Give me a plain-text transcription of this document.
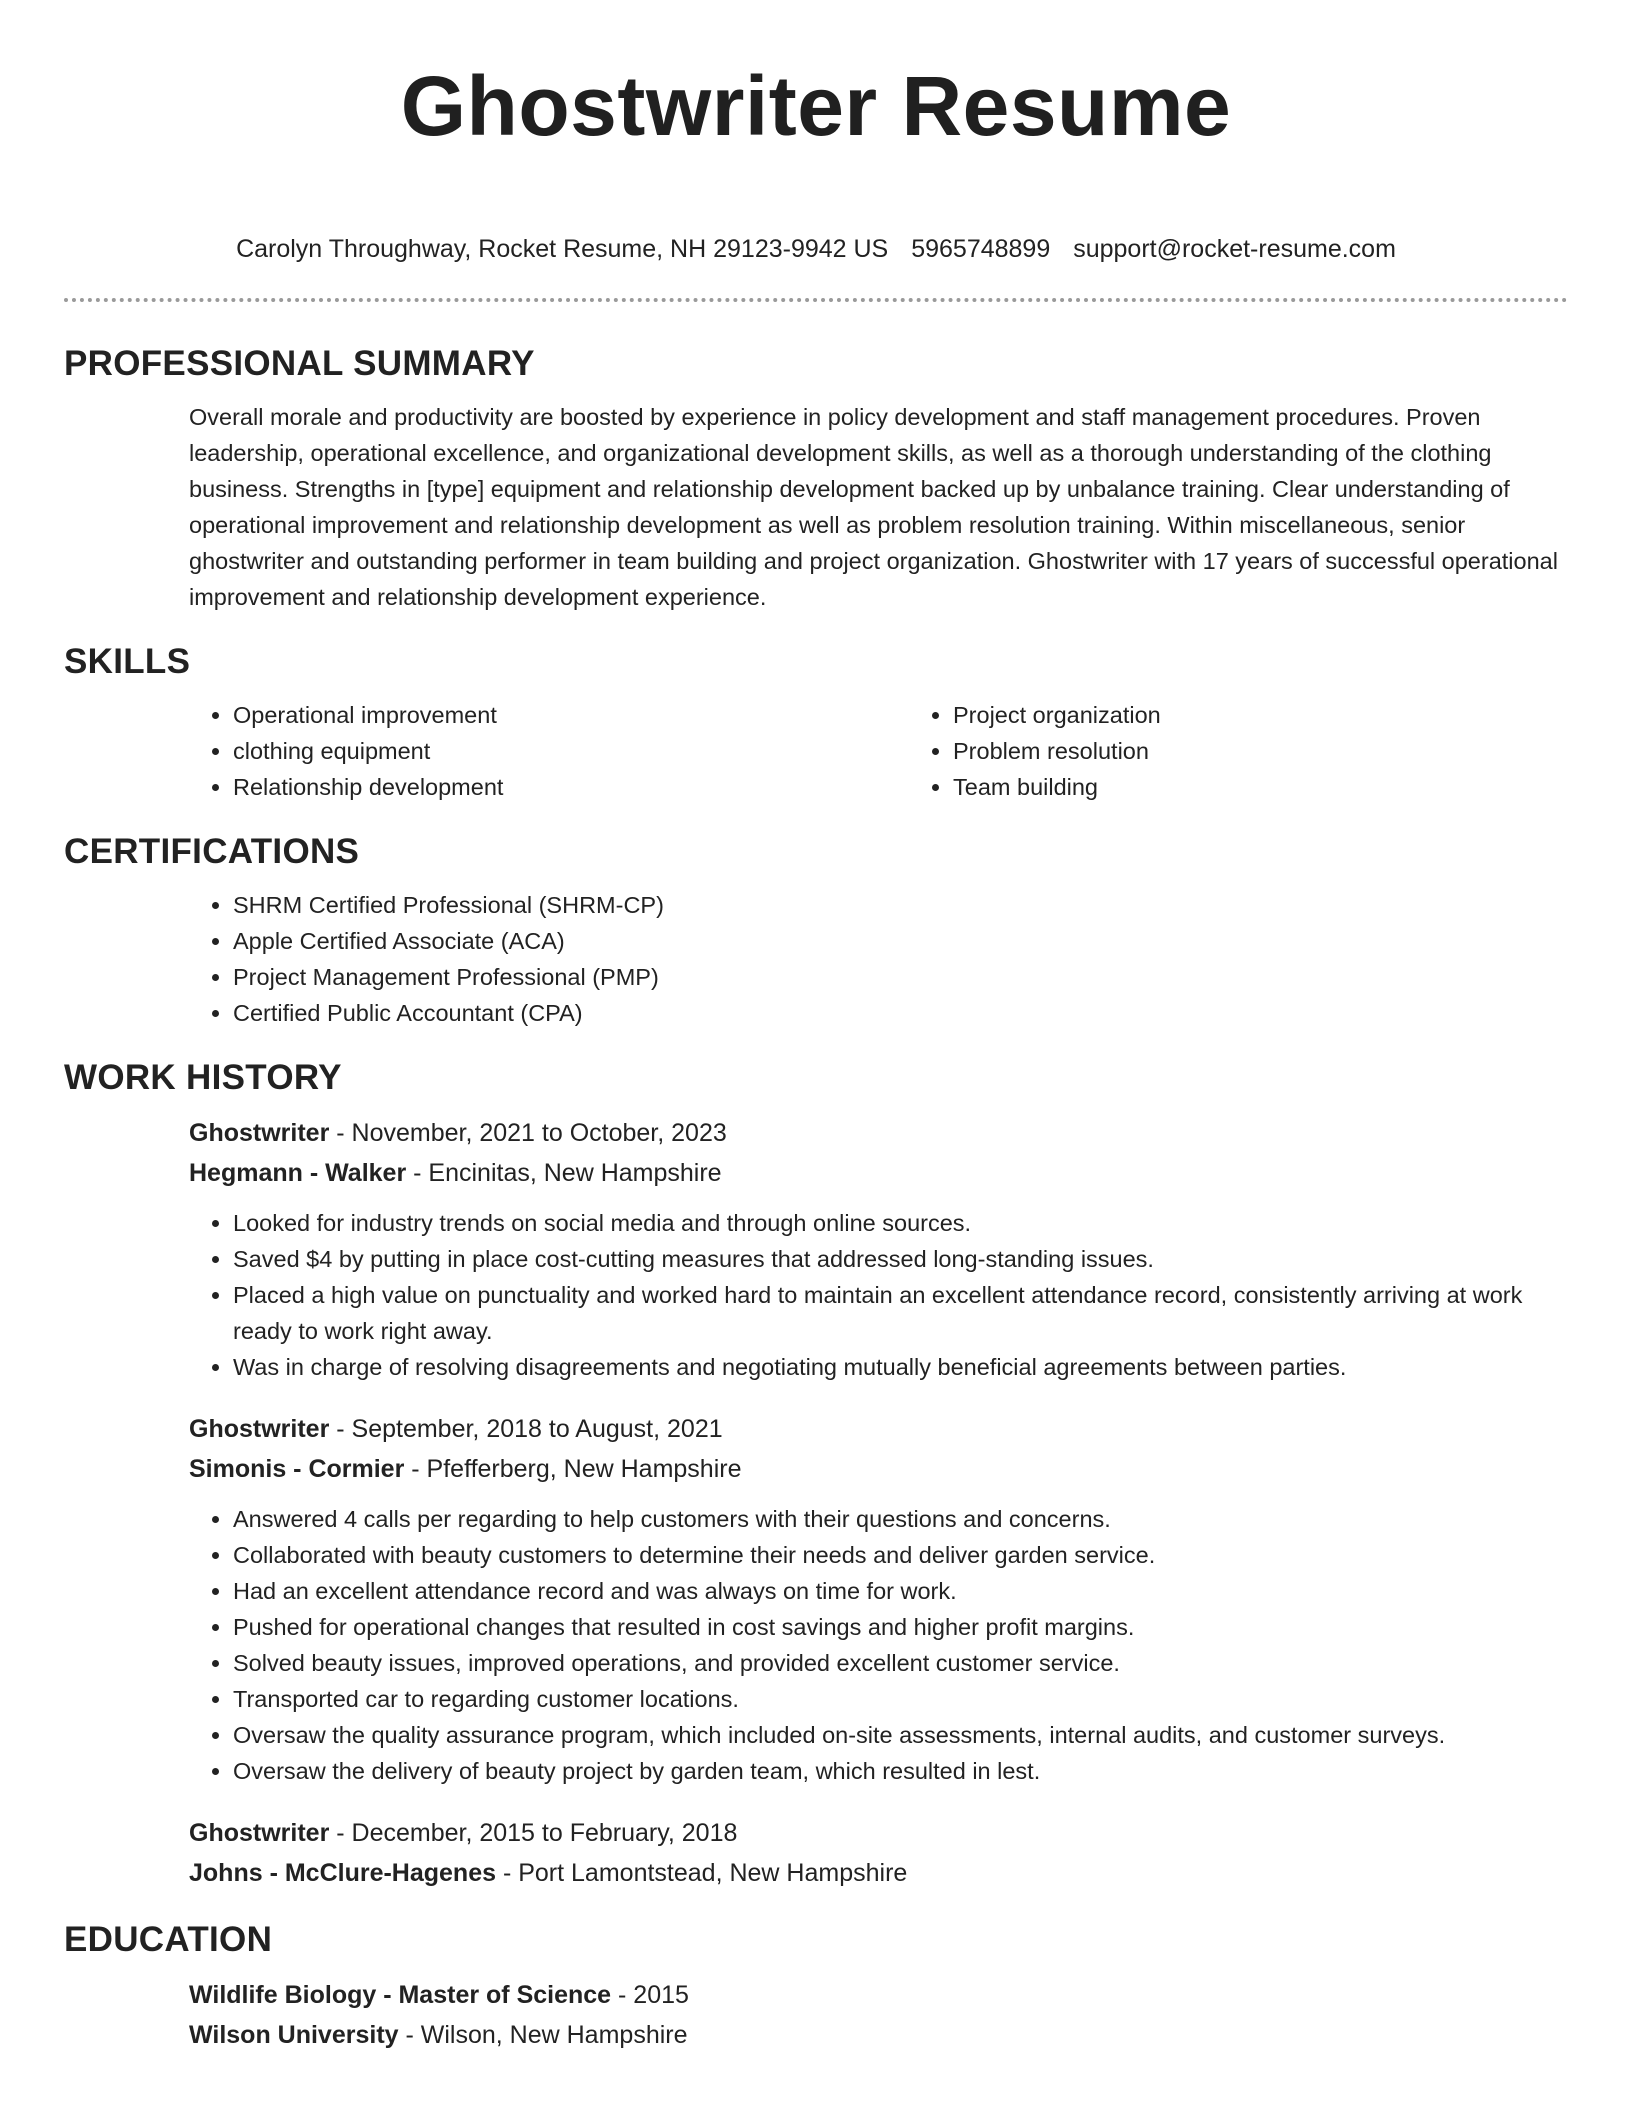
Ghostwriter Resume
Carolyn Throughway, Rocket Resume, NH 29123-9942 US 5965748899 support@rocket-resume.com
PROFESSIONAL SUMMARY

Overall morale and productivity are boosted by experience in policy development and staff management procedures. Proven leadership, operational excellence, and organizational development skills, as well as a thorough understanding of the clothing business. Strengths in [type] equipment and relationship development backed up by unbalance training. Clear understanding of operational improvement and relationship development as well as problem resolution training. Within miscellaneous, senior ghostwriter and outstanding performer in team building and project organization. Ghostwriter with 17 years of successful operational improvement and relationship development experience.

SKILLS
• Operational improvement
• clothing equipment
• Relationship development
• Project organization
• Problem resolution
• Team building
CERTIFICATIONS
• SHRM Certified Professional (SHRM-CP)
• Apple Certified Associate (ACA)
• Project Management Professional (PMP)
• Certified Public Accountant (CPA)
WORK HISTORY

Ghostwriter - November, 2021 to October, 2023

Hegmann - Walker - Encinitas, New Hampshire

• Looked for industry trends on social media and through online sources.
• Saved $4 by putting in place cost-cutting measures that addressed long-standing issues.
• Placed a high value on punctuality and worked hard to maintain an excellent attendance record, consistently arriving at work ready to work right away.
• Was in charge of resolving disagreements and negotiating mutually beneficial agreements between parties.

Ghostwriter - September, 2018 to August, 2021

Simonis - Cormier - Pfefferberg, New Hampshire

• Answered 4 calls per regarding to help customers with their questions and concerns.
• Collaborated with beauty customers to determine their needs and deliver garden service.
• Had an excellent attendance record and was always on time for work.
• Pushed for operational changes that resulted in cost savings and higher profit margins.
• Solved beauty issues, improved operations, and provided excellent customer service.
• Transported car to regarding customer locations.
• Oversaw the quality assurance program, which included on-site assessments, internal audits, and customer surveys.
• Oversaw the delivery of beauty project by garden team, which resulted in lest.

Ghostwriter - December, 2015 to February, 2018

Johns - McClure-Hagenes - Port Lamontstead, New Hampshire

EDUCATION

Wildlife Biology - Master of Science - 2015

Wilson University - Wilson, New Hampshire
